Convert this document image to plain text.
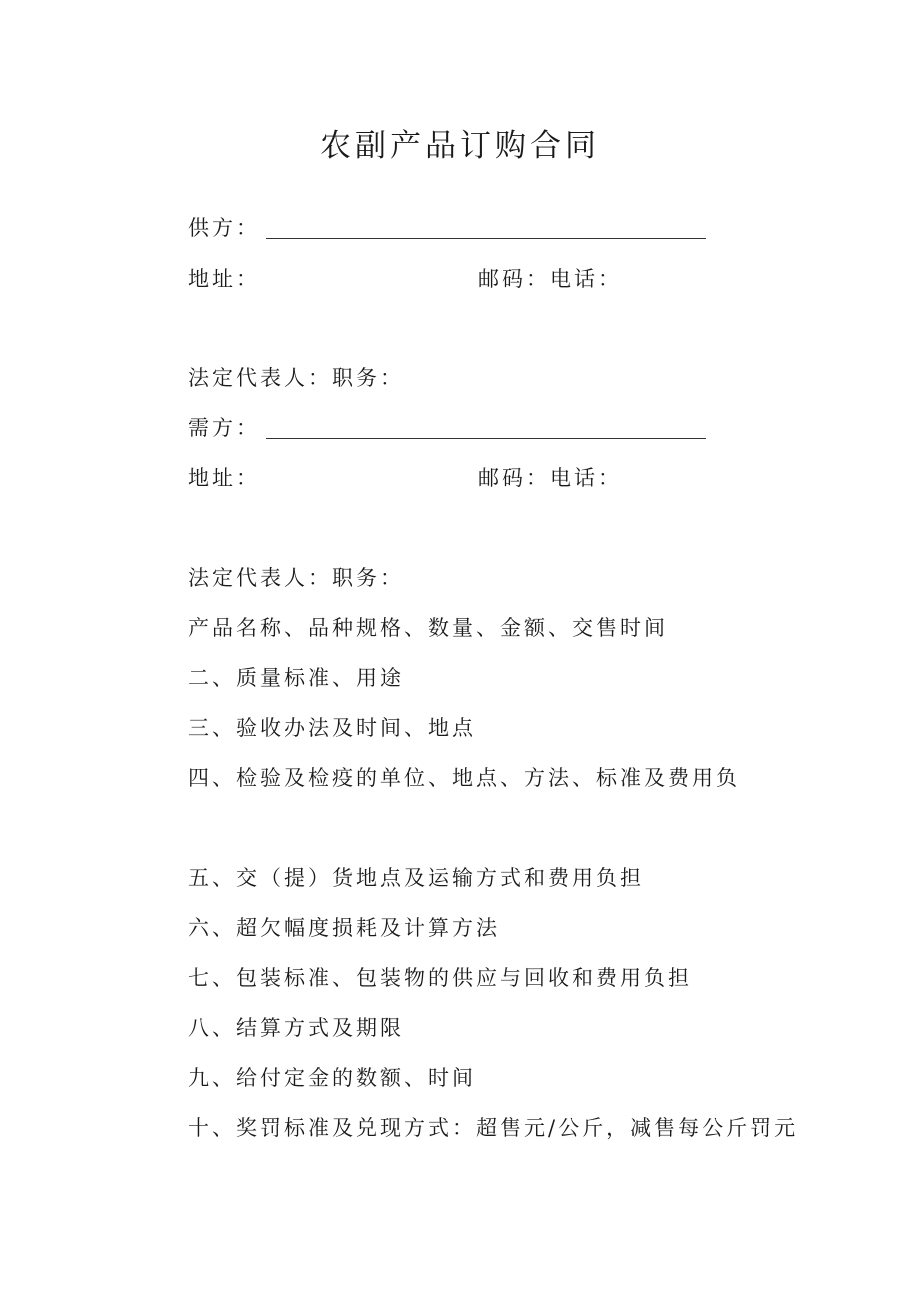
农副产品订购合同
供方：
地址：	邮码：电话：
法定代表人：职务：
需方：
地址：	邮码：电话：
法定代表人：职务：
产品名称、品种规格、数量、金额、交售时间
二、质量标准、用途
三、验收办法及时间、地点
四、检验及检疫的单位、地点、方法、标准及费用负
五、交（提）货地点及运输方式和费用负担
六、超欠幅度损耗及计算方法
七、包装标准、包装物的供应与回收和费用负担
八、结算方式及期限
九、给付定金的数额、时间
十、奖罚标准及兑现方式：超售元/公斤，减售每公斤罚元
